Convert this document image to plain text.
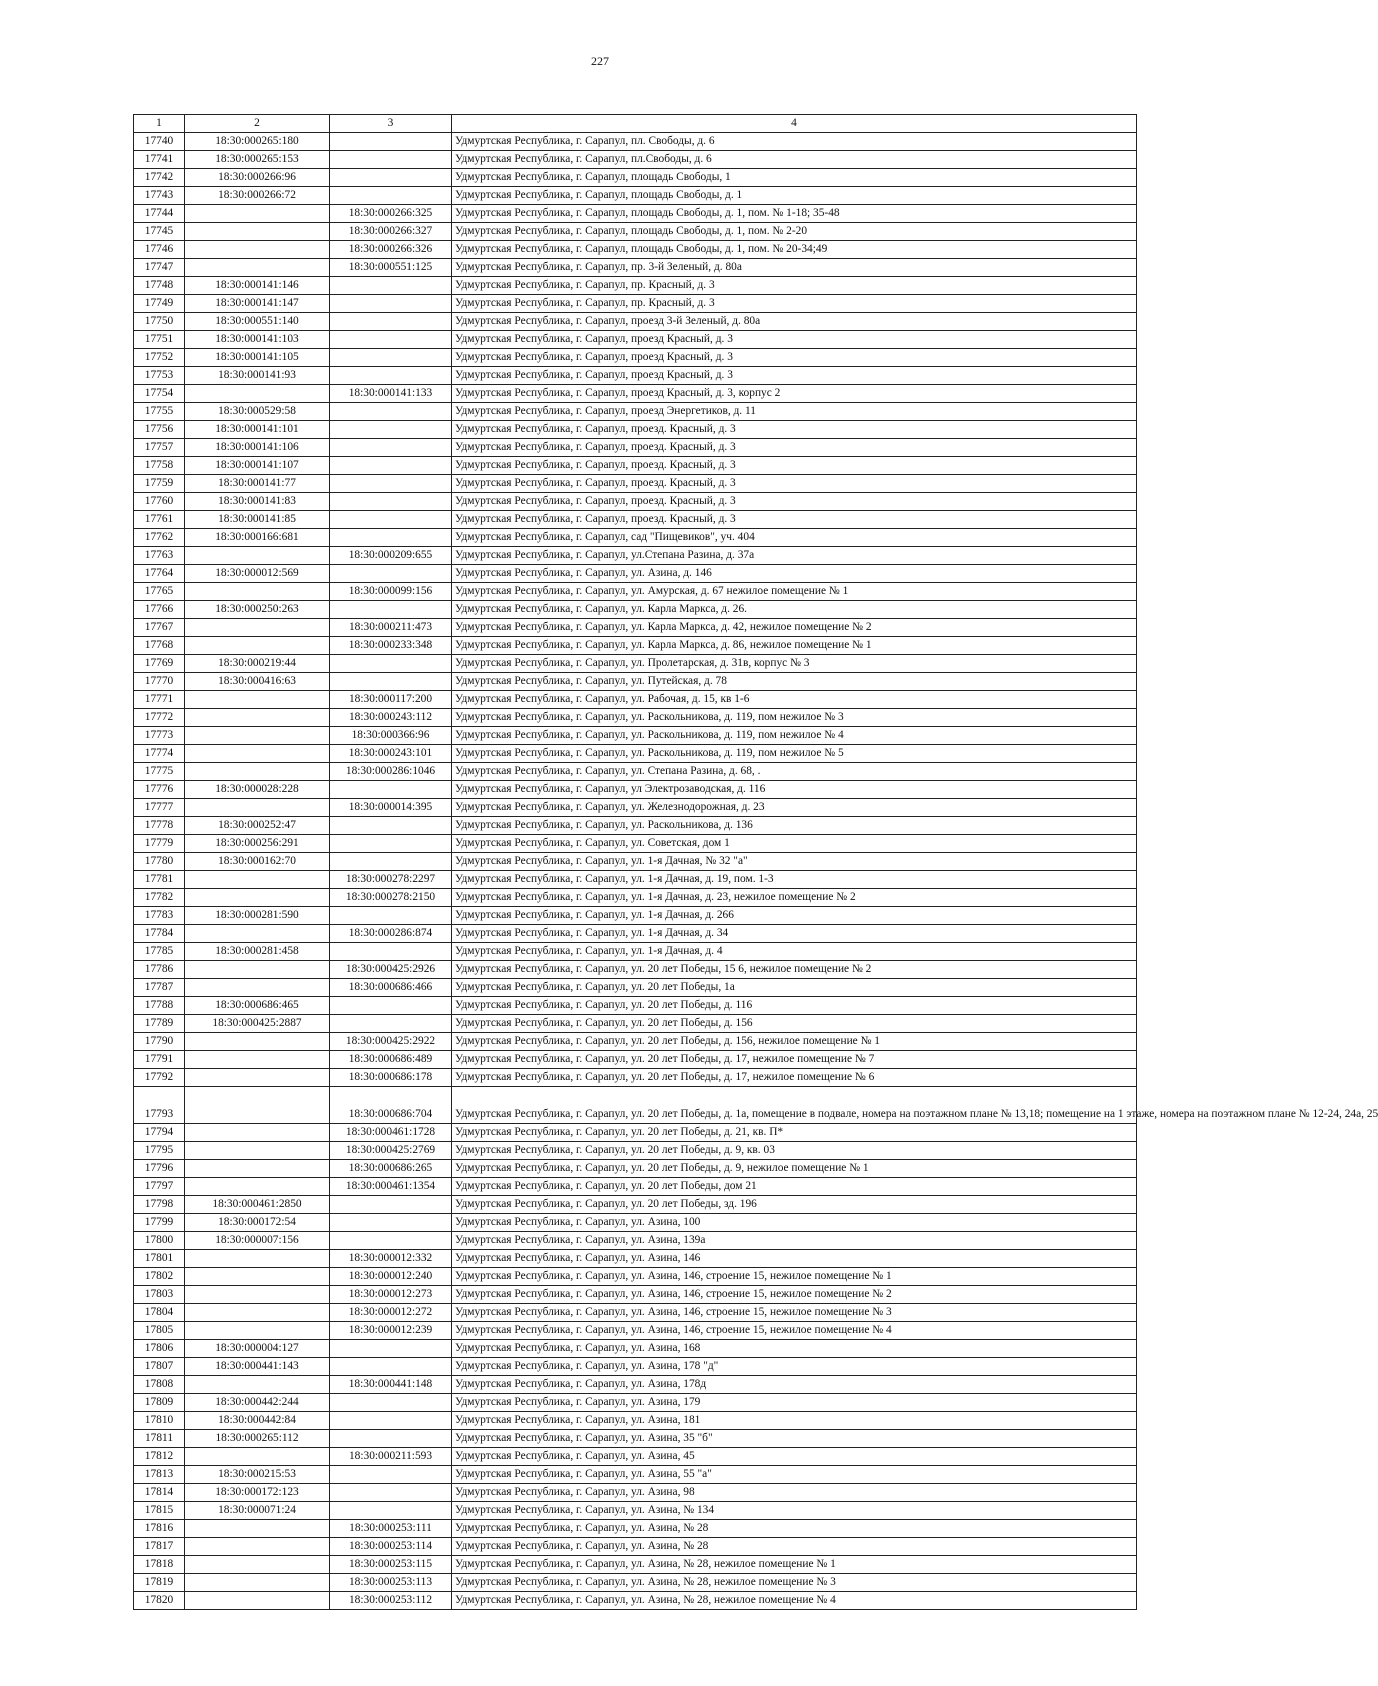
227
1	2	3	4
17740	18:30:000265:180		Удмуртская Республика, г. Сарапул, пл. Свободы, д. 6
17741	18:30:000265:153		Удмуртская Республика, г. Сарапул, пл.Свободы, д. 6
17742	18:30:000266:96		Удмуртская Республика, г. Сарапул, площадь Свободы, 1
17743	18:30:000266:72		Удмуртская Республика, г. Сарапул, площадь Свободы, д. 1
17744		18:30:000266:325	Удмуртская Республика, г. Сарапул, площадь Свободы, д. 1, пом. № 1-18; 35-48
17745		18:30:000266:327	Удмуртская Республика, г. Сарапул, площадь Свободы, д. 1, пом. № 2-20
17746		18:30:000266:326	Удмуртская Республика, г. Сарапул, площадь Свободы, д. 1, пом. № 20-34;49
17747		18:30:000551:125	Удмуртская Республика, г. Сарапул, пр. 3-й Зеленый, д. 80а
17748	18:30:000141:146		Удмуртская Республика, г. Сарапул, пр. Красный, д. 3
17749	18:30:000141:147		Удмуртская Республика, г. Сарапул, пр. Красный, д. 3
17750	18:30:000551:140		Удмуртская Республика, г. Сарапул, проезд 3-й Зеленый, д. 80а
17751	18:30:000141:103		Удмуртская Республика, г. Сарапул, проезд Красный, д. 3
17752	18:30:000141:105		Удмуртская Республика, г. Сарапул, проезд Красный, д. 3
17753	18:30:000141:93		Удмуртская Республика, г. Сарапул, проезд Красный, д. 3
17754		18:30:000141:133	Удмуртская Республика, г. Сарапул, проезд Красный, д. 3, корпус 2
17755	18:30:000529:58		Удмуртская Республика, г. Сарапул, проезд Энергетиков, д. 11
17756	18:30:000141:101		Удмуртская Республика, г. Сарапул, проезд. Красный, д. 3
17757	18:30:000141:106		Удмуртская Республика, г. Сарапул, проезд. Красный, д. 3
17758	18:30:000141:107		Удмуртская Республика, г. Сарапул, проезд. Красный, д. 3
17759	18:30:000141:77		Удмуртская Республика, г. Сарапул, проезд. Красный, д. 3
17760	18:30:000141:83		Удмуртская Республика, г. Сарапул, проезд. Красный, д. 3
17761	18:30:000141:85		Удмуртская Республика, г. Сарапул, проезд. Красный, д. 3
17762	18:30:000166:681		Удмуртская Республика, г. Сарапул, сад "Пищевиков", уч. 404
17763		18:30:000209:655	Удмуртская Республика, г. Сарапул, ул.Степана Разина, д. 37а
17764	18:30:000012:569		Удмуртская Республика, г. Сарапул, ул. Азина, д. 146
17765		18:30:000099:156	Удмуртская Республика, г. Сарапул, ул. Амурская, д. 67 нежилое помещение № 1
17766	18:30:000250:263		Удмуртская Республика, г. Сарапул, ул. Карла Маркса, д. 26.
17767		18:30:000211:473	Удмуртская Республика, г. Сарапул, ул. Карла Маркса, д. 42, нежилое помещение № 2
17768		18:30:000233:348	Удмуртская Республика, г. Сарапул, ул. Карла Маркса, д. 86, нежилое помещение № 1
17769	18:30:000219:44		Удмуртская Республика, г. Сарапул, ул. Пролетарская, д. 31в, корпус № 3
17770	18:30:000416:63		Удмуртская Республика, г. Сарапул, ул. Путейская, д. 78
17771		18:30:000117:200	Удмуртская Республика, г. Сарапул, ул. Рабочая, д. 15, кв 1-6
17772		18:30:000243:112	Удмуртская Республика, г. Сарапул, ул. Раскольникова, д. 119, пом нежилое № 3
17773		18:30:000366:96	Удмуртская Республика, г. Сарапул, ул. Раскольникова, д. 119, пом нежилое № 4
17774		18:30:000243:101	Удмуртская Республика, г. Сарапул, ул. Раскольникова, д. 119, пом нежилое № 5
17775		18:30:000286:1046	Удмуртская Республика, г. Сарапул, ул. Степана Разина, д. 68, .
17776	18:30:000028:228		Удмуртская Республика, г. Сарапул, ул Электрозаводская, д. 116
17777		18:30:000014:395	Удмуртская Республика, г. Сарапул, ул. Железнодорожная, д. 23
17778	18:30:000252:47		Удмуртская Республика, г. Сарапул, ул. Раскольникова, д. 136
17779	18:30:000256:291		Удмуртская Республика, г. Сарапул, ул. Советская, дом 1
17780	18:30:000162:70		Удмуртская Республика, г. Сарапул, ул. 1-я Дачная, № 32 "а"
17781		18:30:000278:2297	Удмуртская Республика, г. Сарапул, ул. 1-я Дачная, д. 19, пом. 1-3
17782		18:30:000278:2150	Удмуртская Республика, г. Сарапул, ул. 1-я Дачная, д. 23, нежилое помещение № 2
17783	18:30:000281:590		Удмуртская Республика, г. Сарапул, ул. 1-я Дачная, д. 266
17784		18:30:000286:874	Удмуртская Республика, г. Сарапул, ул. 1-я Дачная, д. 34
17785	18:30:000281:458		Удмуртская Республика, г. Сарапул, ул. 1-я Дачная, д. 4
17786		18:30:000425:2926	Удмуртская Республика, г. Сарапул, ул. 20 лет Победы, 15 6, нежилое помещение № 2
17787		18:30:000686:466	Удмуртская Республика, г. Сарапул, ул. 20 лет Победы, 1а
17788	18:30:000686:465		Удмуртская Республика, г. Сарапул, ул. 20 лет Победы, д. 116
17789	18:30:000425:2887		Удмуртская Республика, г. Сарапул, ул. 20 лет Победы, д. 156
17790		18:30:000425:2922	Удмуртская Республика, г. Сарапул, ул. 20 лет Победы, д. 156, нежилое помещение № 1
17791		18:30:000686:489	Удмуртская Республика, г. Сарапул, ул. 20 лет Победы, д. 17, нежилое помещение № 7
17792		18:30:000686:178	Удмуртская Республика, г. Сарапул, ул. 20 лет Победы, д. 17, нежилое помещение № 6
17793		18:30:000686:704	Удмуртская Республика, г. Сарапул, ул. 20 лет Победы, д. 1а, помещение в подвале, номера на поэтажном плане № 13,18; помещение на 1 этаже, номера на поэтажном плане № 12-24, 24а, 25
17794		18:30:000461:1728	Удмуртская Республика, г. Сарапул, ул. 20 лет Победы, д. 21, кв. П*
17795		18:30:000425:2769	Удмуртская Республика, г. Сарапул, ул. 20 лет Победы, д. 9, кв. 03
17796		18:30:000686:265	Удмуртская Республика, г. Сарапул, ул. 20 лет Победы, д. 9, нежилое помещение № 1
17797		18:30:000461:1354	Удмуртская Республика, г. Сарапул, ул. 20 лет Победы, дом 21
17798	18:30:000461:2850		Удмуртская Республика, г. Сарапул, ул. 20 лет Победы, зд. 196
17799	18:30:000172:54		Удмуртская Республика, г. Сарапул, ул. Азина, 100
17800	18:30:000007:156		Удмуртская Республика, г. Сарапул, ул. Азина, 139а
17801		18:30:000012:332	Удмуртская Республика, г. Сарапул, ул. Азина, 146
17802		18:30:000012:240	Удмуртская Республика, г. Сарапул, ул. Азина, 146, строение 15, нежилое помещение № 1
17803		18:30:000012:273	Удмуртская Республика, г. Сарапул, ул. Азина, 146, строение 15, нежилое помещение № 2
17804		18:30:000012:272	Удмуртская Республика, г. Сарапул, ул. Азина, 146, строение 15, нежилое помещение № 3
17805		18:30:000012:239	Удмуртская Республика, г. Сарапул, ул. Азина, 146, строение 15, нежилое помещение № 4
17806	18:30:000004:127		Удмуртская Республика, г. Сарапул, ул. Азина, 168
17807	18:30:000441:143		Удмуртская Республика, г. Сарапул, ул. Азина, 178 "д"
17808		18:30:000441:148	Удмуртская Республика, г. Сарапул, ул. Азина, 178д
17809	18:30:000442:244		Удмуртская Республика, г. Сарапул, ул. Азина, 179
17810	18:30:000442:84		Удмуртская Республика, г. Сарапул, ул. Азина, 181
17811	18:30:000265:112		Удмуртская Республика, г. Сарапул, ул. Азина, 35 "б"
17812		18:30:000211:593	Удмуртская Республика, г. Сарапул, ул. Азина, 45
17813	18:30:000215:53		Удмуртская Республика, г. Сарапул, ул. Азина, 55 "а"
17814	18:30:000172:123		Удмуртская Республика, г. Сарапул, ул. Азина, 98
17815	18:30:000071:24		Удмуртская Республика, г. Сарапул, ул. Азина, № 134
17816		18:30:000253:111	Удмуртская Республика, г. Сарапул, ул. Азина, № 28
17817		18:30:000253:114	Удмуртская Республика, г. Сарапул, ул. Азина, № 28
17818		18:30:000253:115	Удмуртская Республика, г. Сарапул, ул. Азина, № 28, нежилое помещение № 1
17819		18:30:000253:113	Удмуртская Республика, г. Сарапул, ул. Азина, № 28, нежилое помещение № 3
17820		18:30:000253:112	Удмуртская Республика, г. Сарапул, ул. Азина, № 28, нежилое помещение № 4
